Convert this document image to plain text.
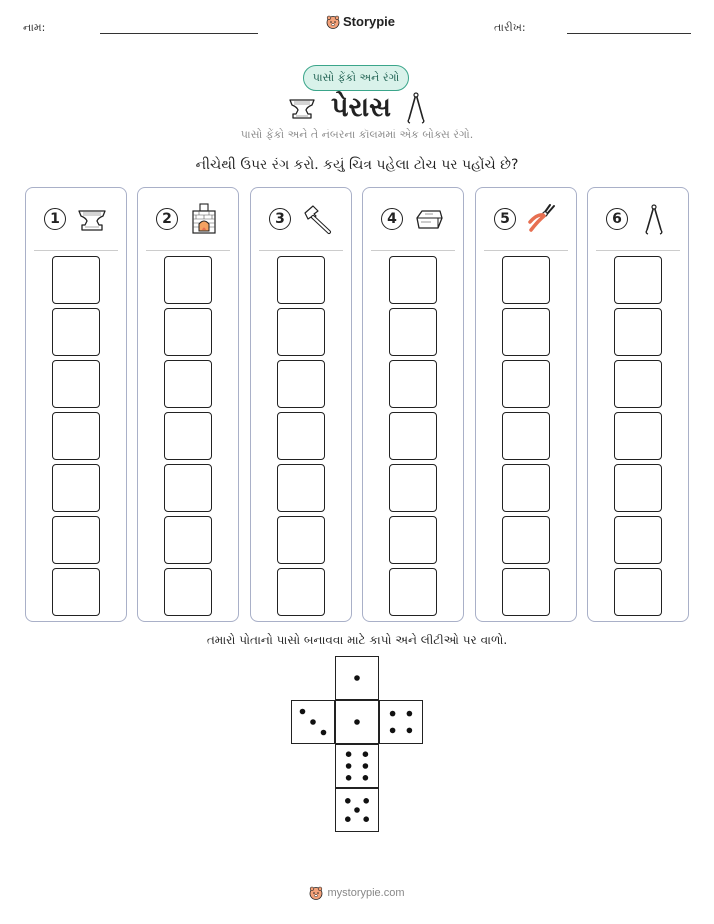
નામ:	Storypie	તારીખ:
પાસો ફેંકો અને રંગો
પેરાસ
પાસો ફેંકો અને તે નંબરના કૉલમમાં એક બોક્સ રંગો.
નીચેથી ઉપર રંગ કરો. કયું ચિત્ર પહેલા ટોચ પર પહોંચે છે?
1	2	3	4	5	6
તમારો પોતાનો પાસો બનાવવા માટે કાપો અને લીટીઓ પર વાળો.
mystorypie.com
